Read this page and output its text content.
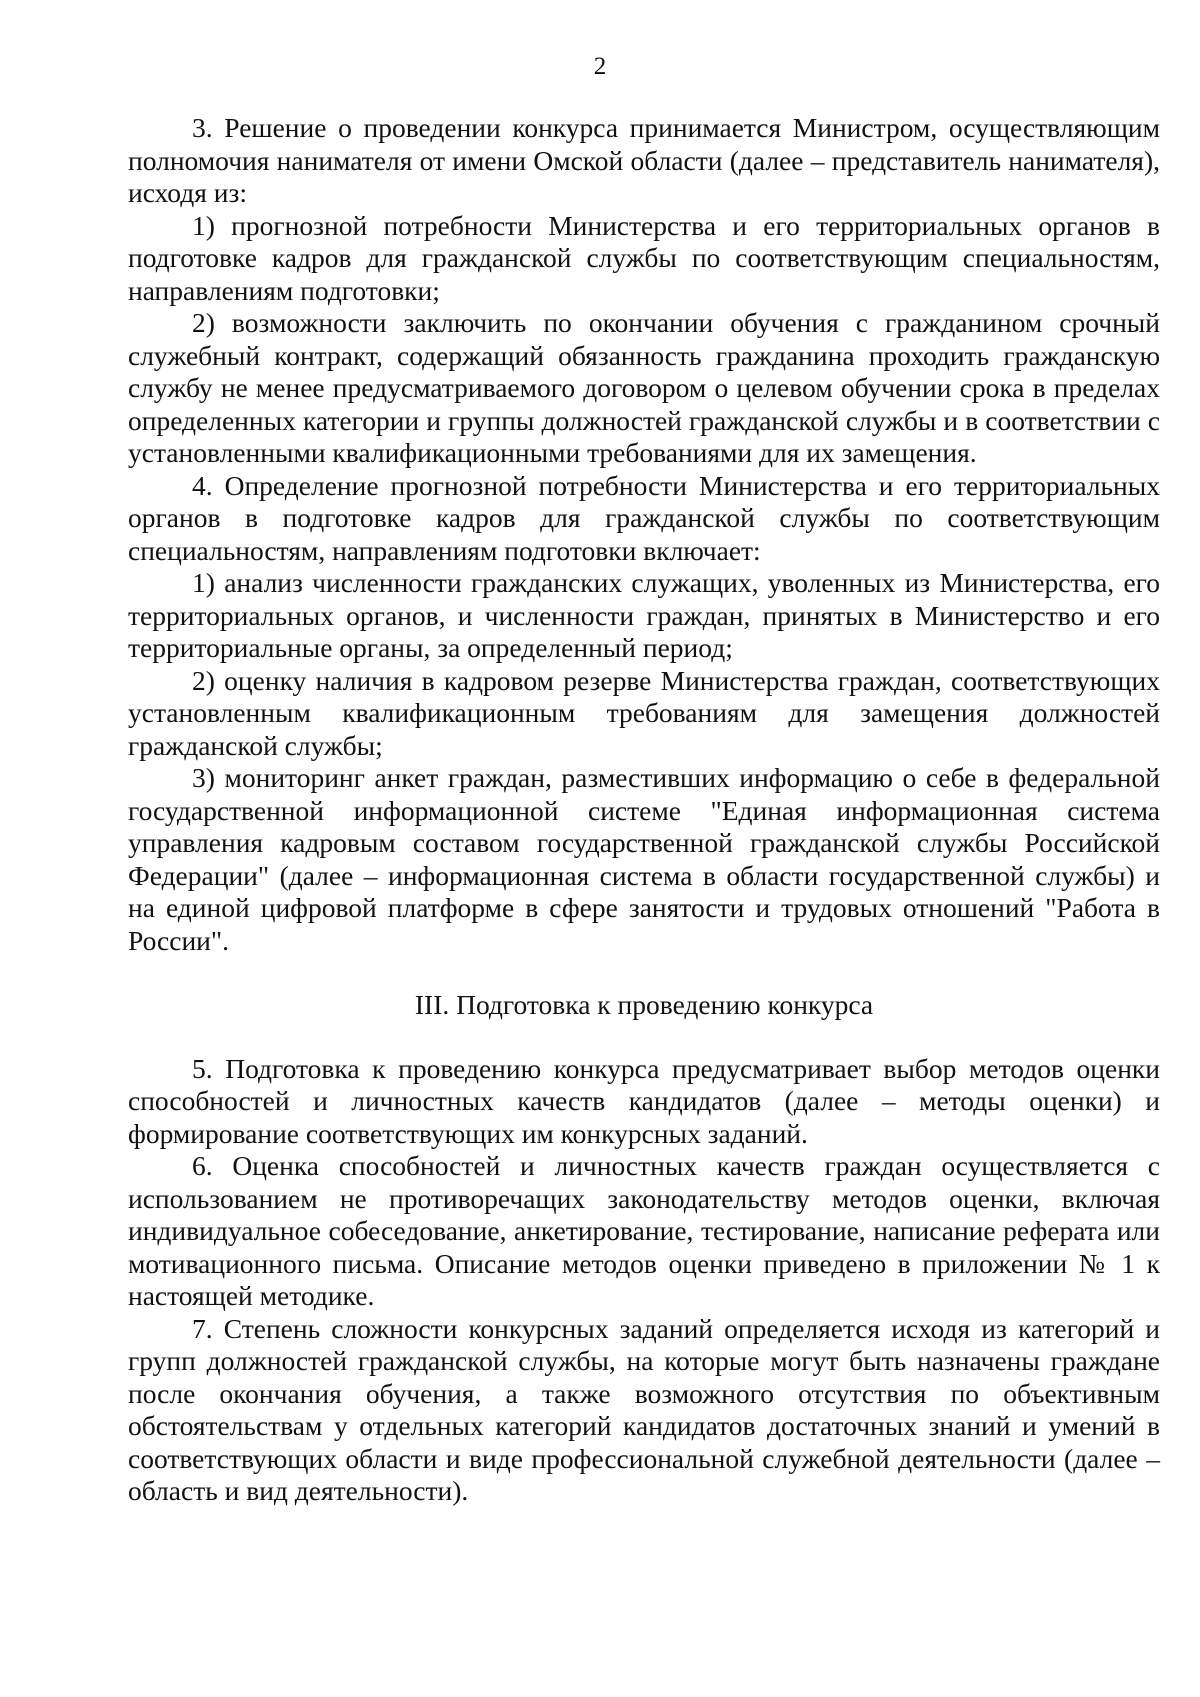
2

3. Решение о проведении конкурса принимается Министром, осуществляющим полномочия нанимателя от имени Омской области (далее – представитель нанимателя), исходя из:

1) прогнозной потребности Министерства и его территориальных органов в подготовке кадров для гражданской службы по соответствующим специальностям, направлениям подготовки;

2) возможности заключить по окончании обучения с гражданином срочный служебный контракт, содержащий обязанность гражданина проходить гражданскую службу не менее предусматриваемого договором о целевом обучении срока в пределах определенных категории и группы должностей гражданской службы и в соответствии с установленными квалификационными требованиями для их замещения.

4. Определение прогнозной потребности Министерства и его территориальных органов в подготовке кадров для гражданской службы по соответствующим специальностям, направлениям подготовки включает:

1) анализ численности гражданских служащих, уволенных из Министерства, его территориальных органов, и численности граждан, принятых в Министерство и его территориальные органы, за определенный период;

2) оценку наличия в кадровом резерве Министерства граждан, соответствующих установленным квалификационным требованиям для замещения должностей гражданской службы;

3) мониторинг анкет граждан, разместивших информацию о себе в федеральной государственной информационной системе "Единая информационная система управления кадровым составом государственной гражданской службы Российской Федерации" (далее – информационная система в области государственной службы) и на единой цифровой платформе в сфере занятости и трудовых отношений "Работа в России".

III. Подготовка к проведению конкурса

5. Подготовка к проведению конкурса предусматривает выбор методов оценки способностей и личностных качеств кандидатов (далее – методы оценки) и формирование соответствующих им конкурсных заданий.

6. Оценка способностей и личностных качеств граждан осуществляется с использованием не противоречащих законодательству методов оценки, включая индивидуальное собеседование, анкетирование, тестирование, написание реферата или мотивационного письма. Описание методов оценки приведено в приложении № 1 к настоящей методике.

7. Степень сложности конкурсных заданий определяется исходя из категорий и групп должностей гражданской службы, на которые могут быть назначены граждане после окончания обучения, а также возможного отсутствия по объективным обстоятельствам у отдельных категорий кандидатов достаточных знаний и умений в соответствующих области и виде профессиональной служебной деятельности (далее – область и вид деятельности).
